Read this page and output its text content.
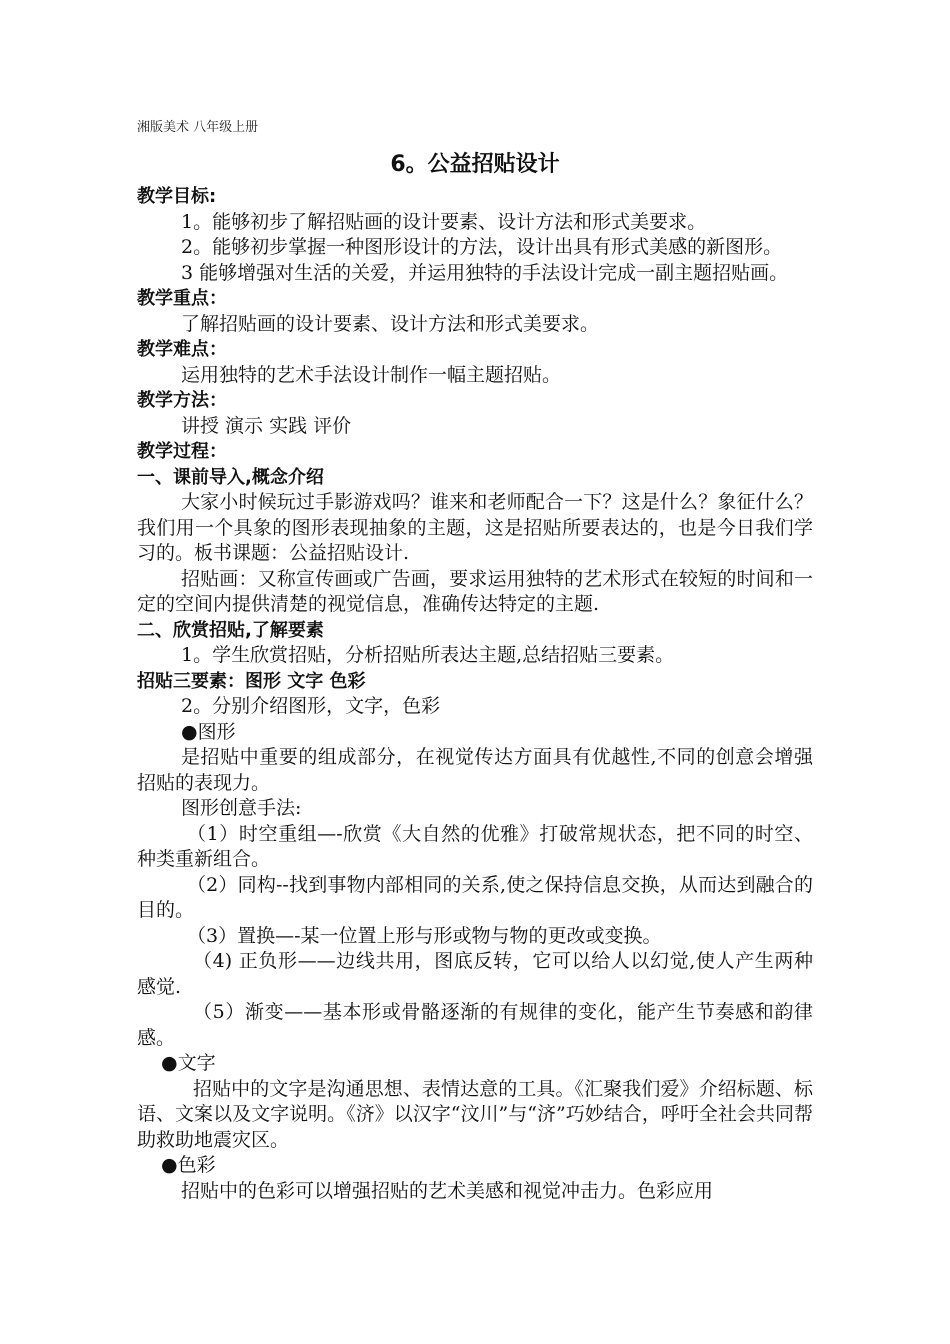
湘版美术 八年级上册
6。公益招贴设计

教学目标:

1。能够初步了解招贴画的设计要素、设计方法和形式美要求。

2。能够初步掌握一种图形设计的方法，设计出具有形式美感的新图形。

3 能够增强对生活的关爱，并运用独特的手法设计完成一副主题招贴画。

教学重点：

了解招贴画的设计要素、设计方法和形式美要求。

教学难点：

运用独特的艺术手法设计制作一幅主题招贴。

教学方法：

讲授 演示 实践 评价

教学过程：

一、课前导入,概念介绍

大家小时候玩过手影游戏吗？谁来和老师配合一下？这是什么？象征什么？ 我们用一个具象的图形表现抽象的主题，这是招贴所要表达的，也是今日我们学习的。板书课题：公益招贴设计.

招贴画：又称宣传画或广告画，要求运用独特的艺术形式在较短的时间和一定的空间内提供清楚的视觉信息，准确传达特定的主题.

二、欣赏招贴,了解要素

1。学生欣赏招贴，分析招贴所表达主题,总结招贴三要素。

招贴三要素：图形 文字 色彩

2。分别介绍图形，文字，色彩

●图形

是招贴中重要的组成部分，在视觉传达方面具有优越性,不同的创意会增强招贴的表现力。

图形创意手法:

（1）时空重组—-欣赏《大自然的优雅》打破常规状态，把不同的时空、种类重新组合。

（2）同构--找到事物内部相同的关系,使之保持信息交换，从而达到融合的目的。

（3）置换—-某一位置上形与形或物与物的更改或变换。

（4) 正负形——边线共用，图底反转，它可以给人以幻觉,使人产生两种感觉.

（5）渐变——基本形或骨骼逐渐的有规律的变化，能产生节奏感和韵律感。

●文字

招贴中的文字是沟通思想、表情达意的工具。《汇聚我们爱》介绍标题、标语、文案以及文字说明。《济》以汉字“汶川”与“济”巧妙结合，呼吁全社会共同帮助救助地震灾区。

●色彩

招贴中的色彩可以增强招贴的艺术美感和视觉冲击力。色彩应用
